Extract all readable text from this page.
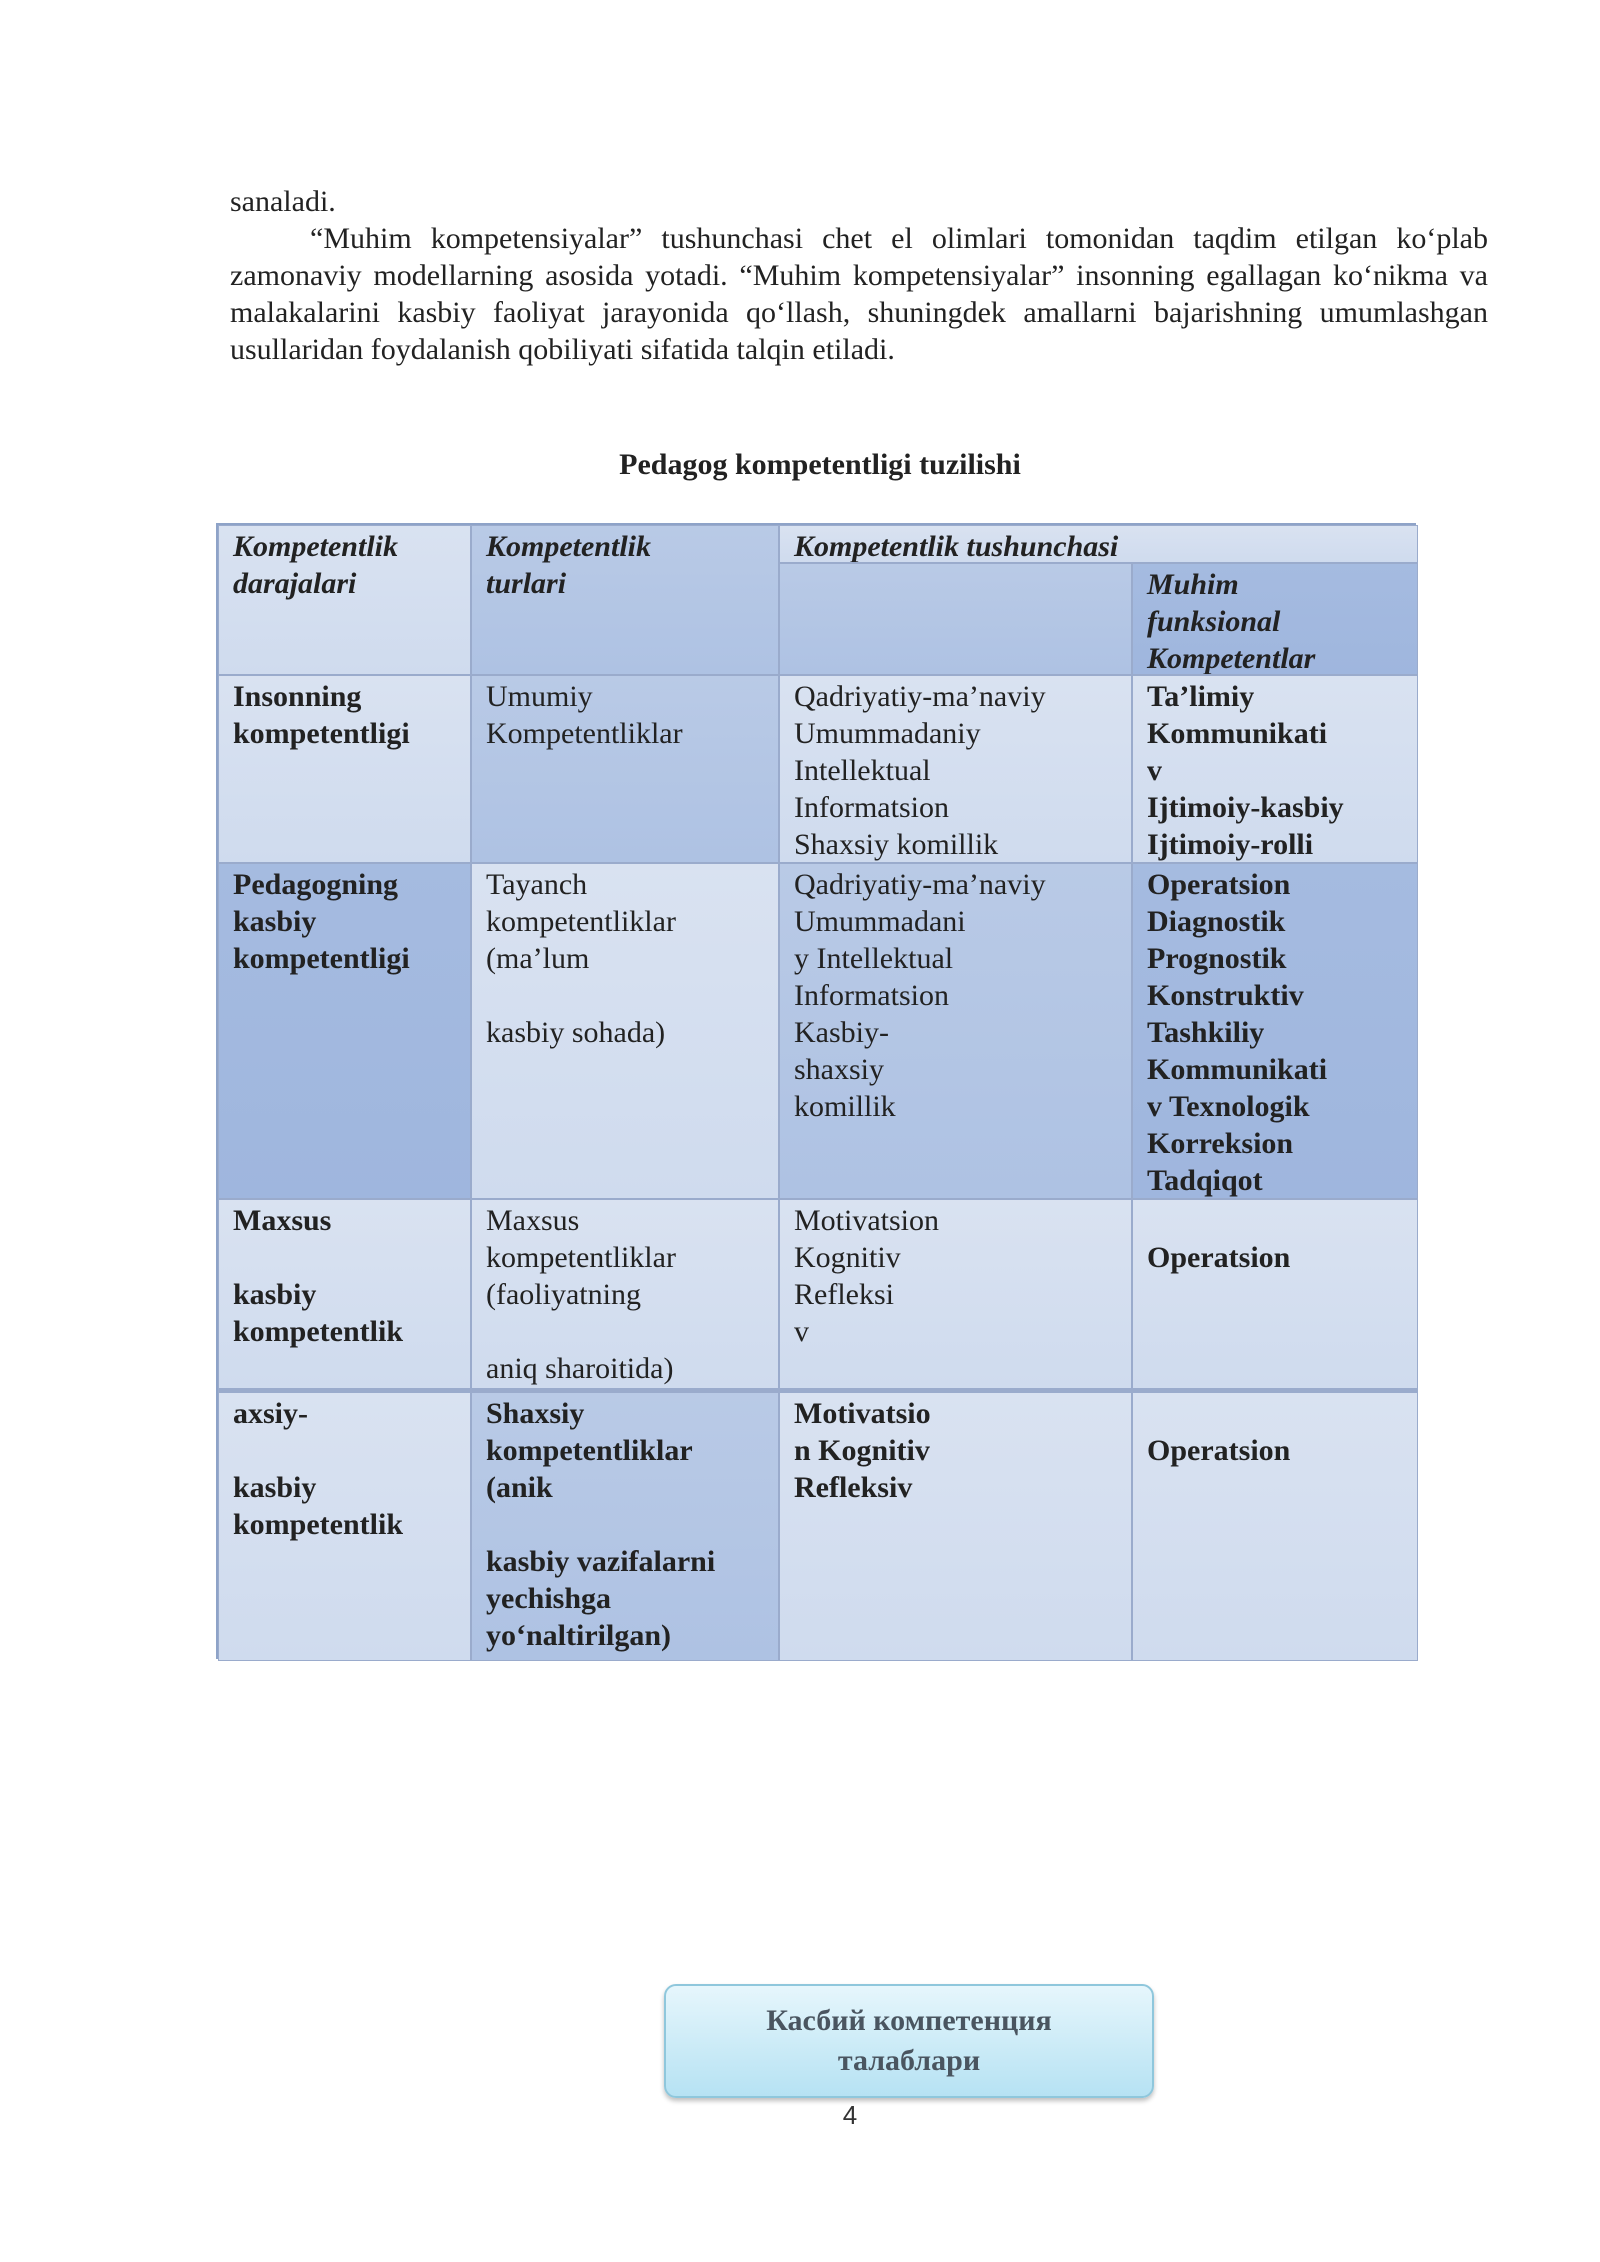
sanaladi.

“Muhim kompetensiyalar” tushunchasi chet el olimlari tomonidan taqdim etilgan ko‘plab zamonaviy modellarning asosida yotadi. “Muhim kompetensiyalar” insonning egallagan ko‘nikma va malakalarini kasbiy faoliyat jarayonida qo‘llash, shuningdek amallarni bajarishning umumlashgan usullaridan foydalanish qobiliyati sifatida talqin etiladi.

Pedagog kompetentligi tuzilishi
Kompetentlik
darajalari
Kompetentlik
turlari
Kompetentlik tushunchasi
Muhim
funksional
Kompetentlar
Insonning
kompetentligi
Umumiy
Kompetentliklar
Qadriyatiy-ma’naviy
Umummadaniy
Intellektual
Informatsion
Shaxsiy komillik
Ta’limiy
Kommunikati
v
Ijtimoiy-kasbiy
Ijtimoiy-rolli
Pedagogning
kasbiy
kompetentligi
Tayanch
kompetentliklar
(ma’lum
kasbiy sohada)
Qadriyatiy-ma’naviy
Umummadani
y Intellektual
Informatsion
Kasbiy-
shaxsiy
komillik
Operatsion
Diagnostik
Prognostik
Konstruktiv
Tashkiliy
Kommunikati
v Texnologik
Korreksion
Tadqiqot
Maxsus
kasbiy
kompetentlik
Maxsus
kompetentliklar
(faoliyatning
aniq sharoitida)
Motivatsion
Kognitiv
Refleksi
v
Operatsion
axsiy-
kasbiy
kompetentlik
Shaxsiy
kompetentliklar
(anik
kasbiy vazifalarni
yechishga
yo‘naltirilgan)
Motivatsio
n Kognitiv
Refleksiv
Operatsion
Касбий компетенция
талаблари
4
